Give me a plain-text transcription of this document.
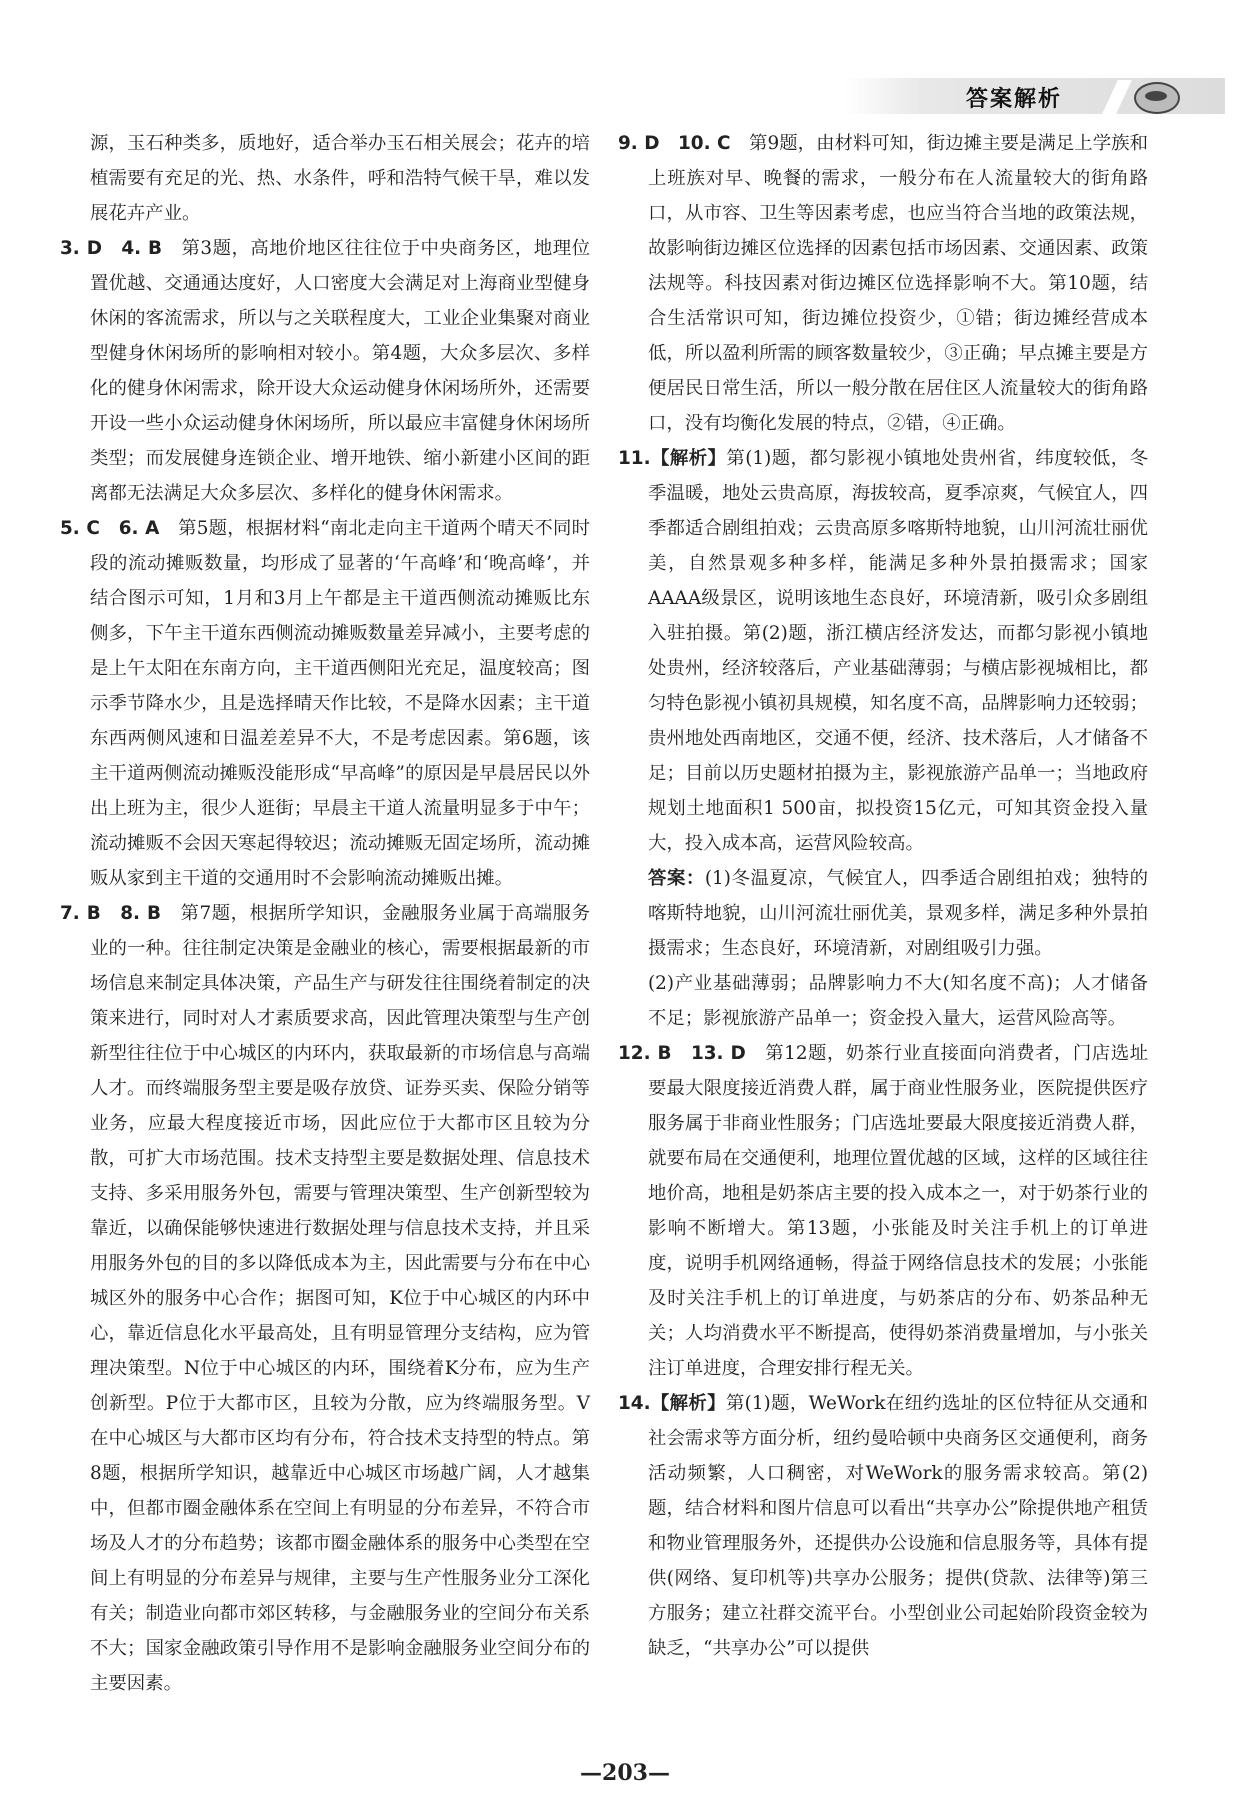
答案解析

源，玉石种类多，质地好，适合举办玉石相关展会；花卉的培植需要有充足的光、热、水条件，呼和浩特气候干旱，难以发展花卉产业。

3. D　4. B　 第3题，高地价地区往往位于中央商务区，地理位置优越、交通通达度好，人口密度大会满足对上海商业型健身休闲的客流需求，所以与之关联程度大，工业企业集聚对商业型健身休闲场所的影响相对较小。第4题，大众多层次、多样化的健身休闲需求，除开设大众运动健身休闲场所外，还需要开设一些小众运动健身休闲场所，所以最应丰富健身休闲场所类型；而发展健身连锁企业、增开地铁、缩小新建小区间的距离都无法满足大众多层次、多样化的健身休闲需求。

5. C　6. A　 第5题，根据材料“南北走向主干道两个晴天不同时段的流动摊贩数量，均形成了显著的‘午高峰’和‘晚高峰’，并结合图示可知，1月和3月上午都是主干道西侧流动摊贩比东侧多，下午主干道东西侧流动摊贩数量差异减小，主要考虑的是上午太阳在东南方向，主干道西侧阳光充足，温度较高；图示季节降水少，且是选择晴天作比较，不是降水因素；主干道东西两侧风速和日温差差异不大，不是考虑因素。第6题，该主干道两侧流动摊贩没能形成“早高峰”的原因是早晨居民以外出上班为主，很少人逛街；早晨主干道人流量明显多于中午；流动摊贩不会因天寒起得较迟；流动摊贩无固定场所，流动摊贩从家到主干道的交通用时不会影响流动摊贩出摊。

7. B　8. B　 第7题，根据所学知识，金融服务业属于高端服务业的一种。往往制定决策是金融业的核心，需要根据最新的市场信息来制定具体决策，产品生产与研发往往围绕着制定的决策来进行，同时对人才素质要求高，因此管理决策型与生产创新型往往位于中心城区的内环内，获取最新的市场信息与高端人才。而终端服务型主要是吸存放贷、证券买卖、保险分销等业务，应最大程度接近市场，因此应位于大都市区且较为分散，可扩大市场范围。技术支持型主要是数据处理、信息技术支持、多采用服务外包，需要与管理决策型、生产创新型较为靠近，以确保能够快速进行数据处理与信息技术支持，并且采用服务外包的目的多以降低成本为主，因此需要与分布在中心城区外的服务中心合作；据图可知，K位于中心城区的内环中心，靠近信息化水平最高处，且有明显管理分支结构，应为管理决策型。N位于中心城区的内环，围绕着K分布，应为生产创新型。P位于大都市区，且较为分散，应为终端服务型。V在中心城区与大都市区均有分布，符合技术支持型的特点。第8题，根据所学知识，越靠近中心城区市场越广阔，人才越集中，但都市圈金融体系在空间上有明显的分布差异，不符合市场及人才的分布趋势；该都市圈金融体系的服务中心类型在空间上有明显的分布差异与规律，主要与生产性服务业分工深化有关；制造业向都市郊区转移，与金融服务业的空间分布关系不大；国家金融政策引导作用不是影响金融服务业空间分布的主要因素。

9. D　10. C　 第9题，由材料可知，街边摊主要是满足上学族和上班族对早、晚餐的需求，一般分布在人流量较大的街角路口，从市容、卫生等因素考虑，也应当符合当地的政策法规，故影响街边摊区位选择的因素包括市场因素、交通因素、政策法规等。科技因素对街边摊区位选择影响不大。第10题，结合生活常识可知，街边摊位投资少，①错；街边摊经营成本低，所以盈利所需的顾客数量较少，③正确；早点摊主要是方便居民日常生活，所以一般分散在居住区人流量较大的街角路口，没有均衡化发展的特点，②错，④正确。

11.【解析】第(1)题，都匀影视小镇地处贵州省，纬度较低，冬季温暖，地处云贵高原，海拔较高，夏季凉爽，气候宜人，四季都适合剧组拍戏；云贵高原多喀斯特地貌，山川河流壮丽优美，自然景观多种多样，能满足多种外景拍摄需求；国家AAAA级景区，说明该地生态良好，环境清新，吸引众多剧组入驻拍摄。第(2)题，浙江横店经济发达，而都匀影视小镇地处贵州，经济较落后，产业基础薄弱；与横店影视城相比，都匀特色影视小镇初具规模，知名度不高，品牌影响力还较弱；贵州地处西南地区，交通不便，经济、技术落后，人才储备不足；目前以历史题材拍摄为主，影视旅游产品单一；当地政府规划土地面积1 500亩，拟投资15亿元，可知其资金投入量大，投入成本高，运营风险较高。

答案：(1)冬温夏凉，气候宜人，四季适合剧组拍戏；独特的喀斯特地貌，山川河流壮丽优美，景观多样，满足多种外景拍摄需求；生态良好，环境清新，对剧组吸引力强。

(2)产业基础薄弱；品牌影响力不大(知名度不高)；人才储备不足；影视旅游产品单一；资金投入量大，运营风险高等。

12. B　13. D　 第12题，奶茶行业直接面向消费者，门店选址要最大限度接近消费人群，属于商业性服务业，医院提供医疗服务属于非商业性服务；门店选址要最大限度接近消费人群，就要布局在交通便利，地理位置优越的区域，这样的区域往往地价高，地租是奶茶店主要的投入成本之一，对于奶茶行业的影响不断增大。第13题，小张能及时关注手机上的订单进度，说明手机网络通畅，得益于网络信息技术的发展；小张能及时关注手机上的订单进度，与奶茶店的分布、奶茶品种无关；人均消费水平不断提高，使得奶茶消费量增加，与小张关注订单进度，合理安排行程无关。

14.【解析】第(1)题，WeWork在纽约选址的区位特征从交通和社会需求等方面分析，纽约曼哈顿中央商务区交通便利，商务活动频繁，人口稠密，对WeWork的服务需求较高。第(2)题，结合材料和图片信息可以看出“共享办公”除提供地产租赁和物业管理服务外，还提供办公设施和信息服务等，具体有提供(网络、复印机等)共享办公服务；提供(贷款、法律等)第三方服务；建立社群交流平台。小型创业公司起始阶段资金较为缺乏，“共享办公”可以提供

—203—
